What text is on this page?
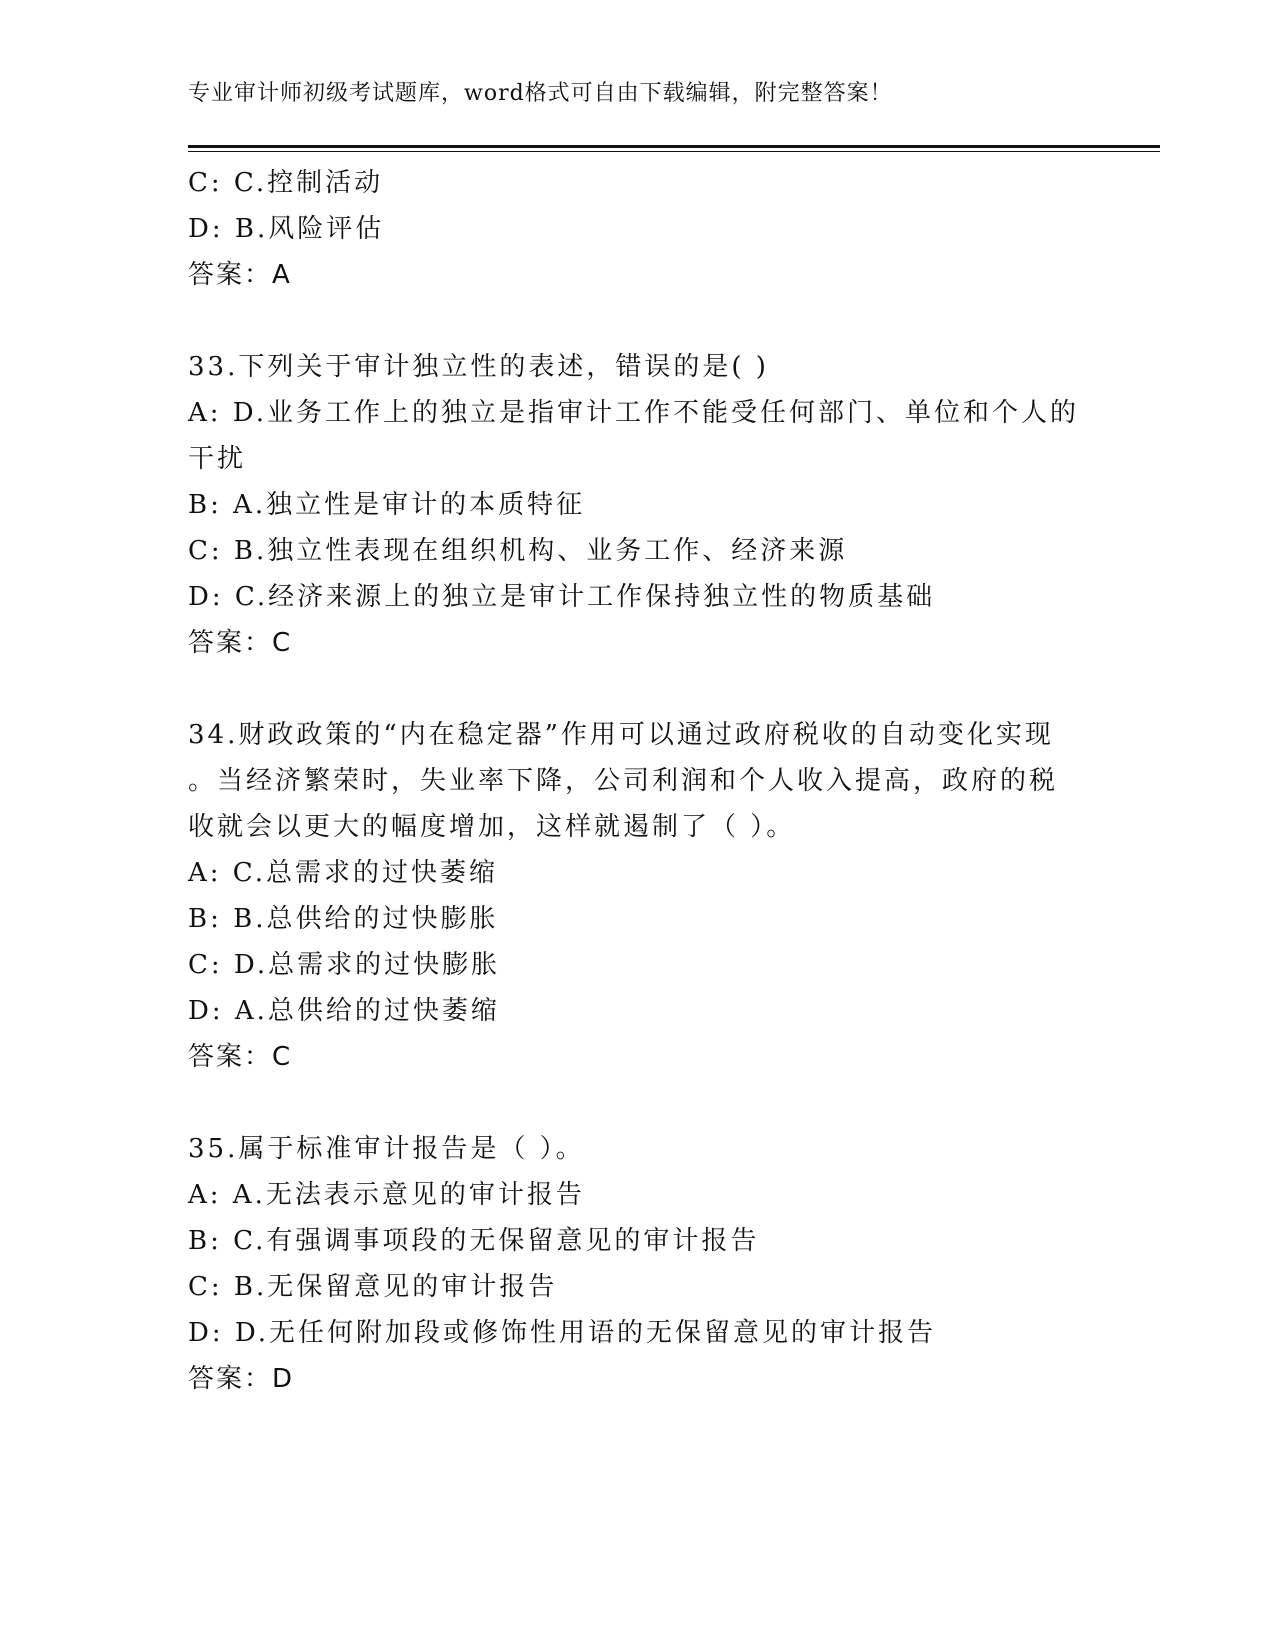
专业审计师初级考试题库，word格式可自由下载编辑，附完整答案！
C: C.控制活动
D: B.风险评估
答案：A
33.下列关于审计独立性的表述，错误的是( )
A: D.业务工作上的独立是指审计工作不能受任何部门、单位和个人的
干扰
B: A.独立性是审计的本质特征
C: B.独立性表现在组织机构、业务工作、经济来源
D: C.经济来源上的独立是审计工作保持独立性的物质基础
答案：C
34.财政政策的“内在稳定器”作用可以通过政府税收的自动变化实现
。当经济繁荣时，失业率下降，公司利润和个人收入提高，政府的税
收就会以更大的幅度增加，这样就遏制了（ ）。
A: C.总需求的过快萎缩
B: B.总供给的过快膨胀
C: D.总需求的过快膨胀
D: A.总供给的过快萎缩
答案：C
35.属于标准审计报告是（ ）。
A: A.无法表示意见的审计报告
B: C.有强调事项段的无保留意见的审计报告
C: B.无保留意见的审计报告
D: D.无任何附加段或修饰性用语的无保留意见的审计报告
答案：D
